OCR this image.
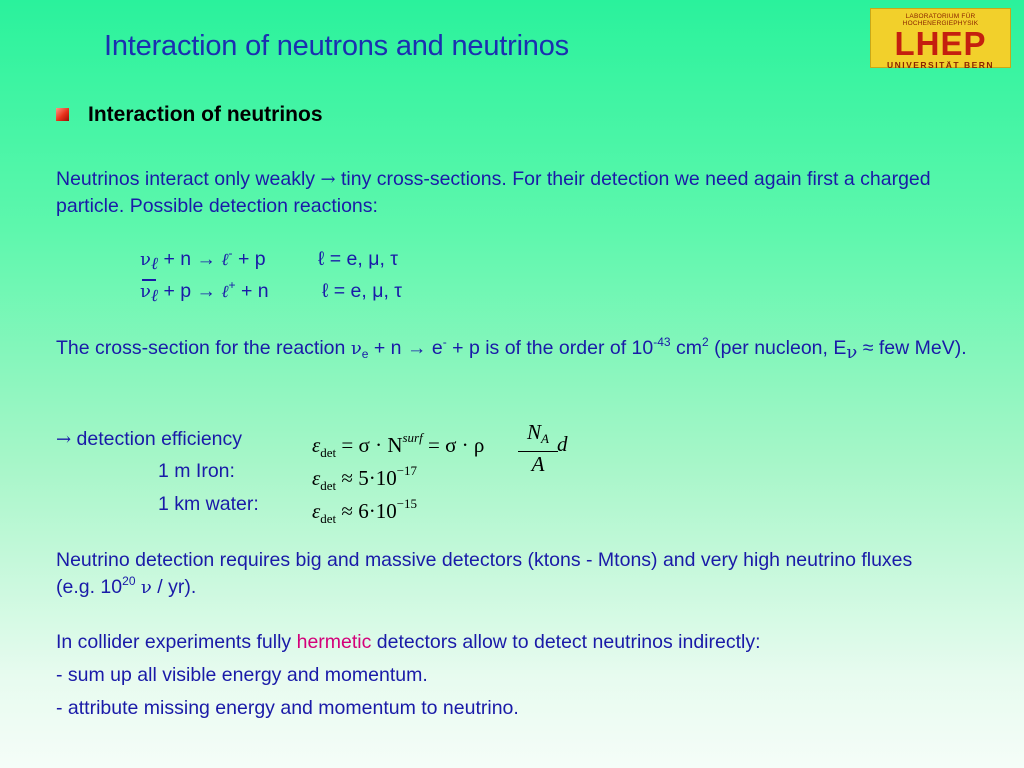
Interaction of neutrons and neutrinos
LABORATORIUM FÜR HOCHENERGIEPHYSIK
LHEP
UNIVERSITÄT BERN
Interaction of neutrinos
Neutrinos interact only weakly → tiny cross-sections. For their detection we need again first a charged particle. Possible detection reactions:
$\nu_\ell + n$ → ℓ- + p	ℓ = e, μ, τ
$\nu_\ell + p$ → ℓ+ + n	ℓ = e, μ, τ
The cross-section for the reaction $\nu_e + n \to e^- + p$ is of the order of $10^{-43}$ $cm^2$ (per nucleon, $E_\nu$ ≈ few MeV).
→ detection efficiency
1 m Iron:
1 km water:
$\varepsilon_{det} = \sigma \cdot N^{surf} = \sigma \cdot \rho \frac{NA}{A}$ d
$\varepsilon_{det} \approx 5\cdot 10^{-17}$
$\varepsilon_{det} \approx 6\cdot 10^{-15}$
Neutrino detection requires big and massive detectors (ktons - Mtons) and very high neutrino fluxes (e.g. $10^{20}$ ν / yr).
In collider experiments fully hermetic detectors allow to detect neutrinos indirectly:
- sum up all visible energy and momentum.
- attribute missing energy and momentum to neutrino.
